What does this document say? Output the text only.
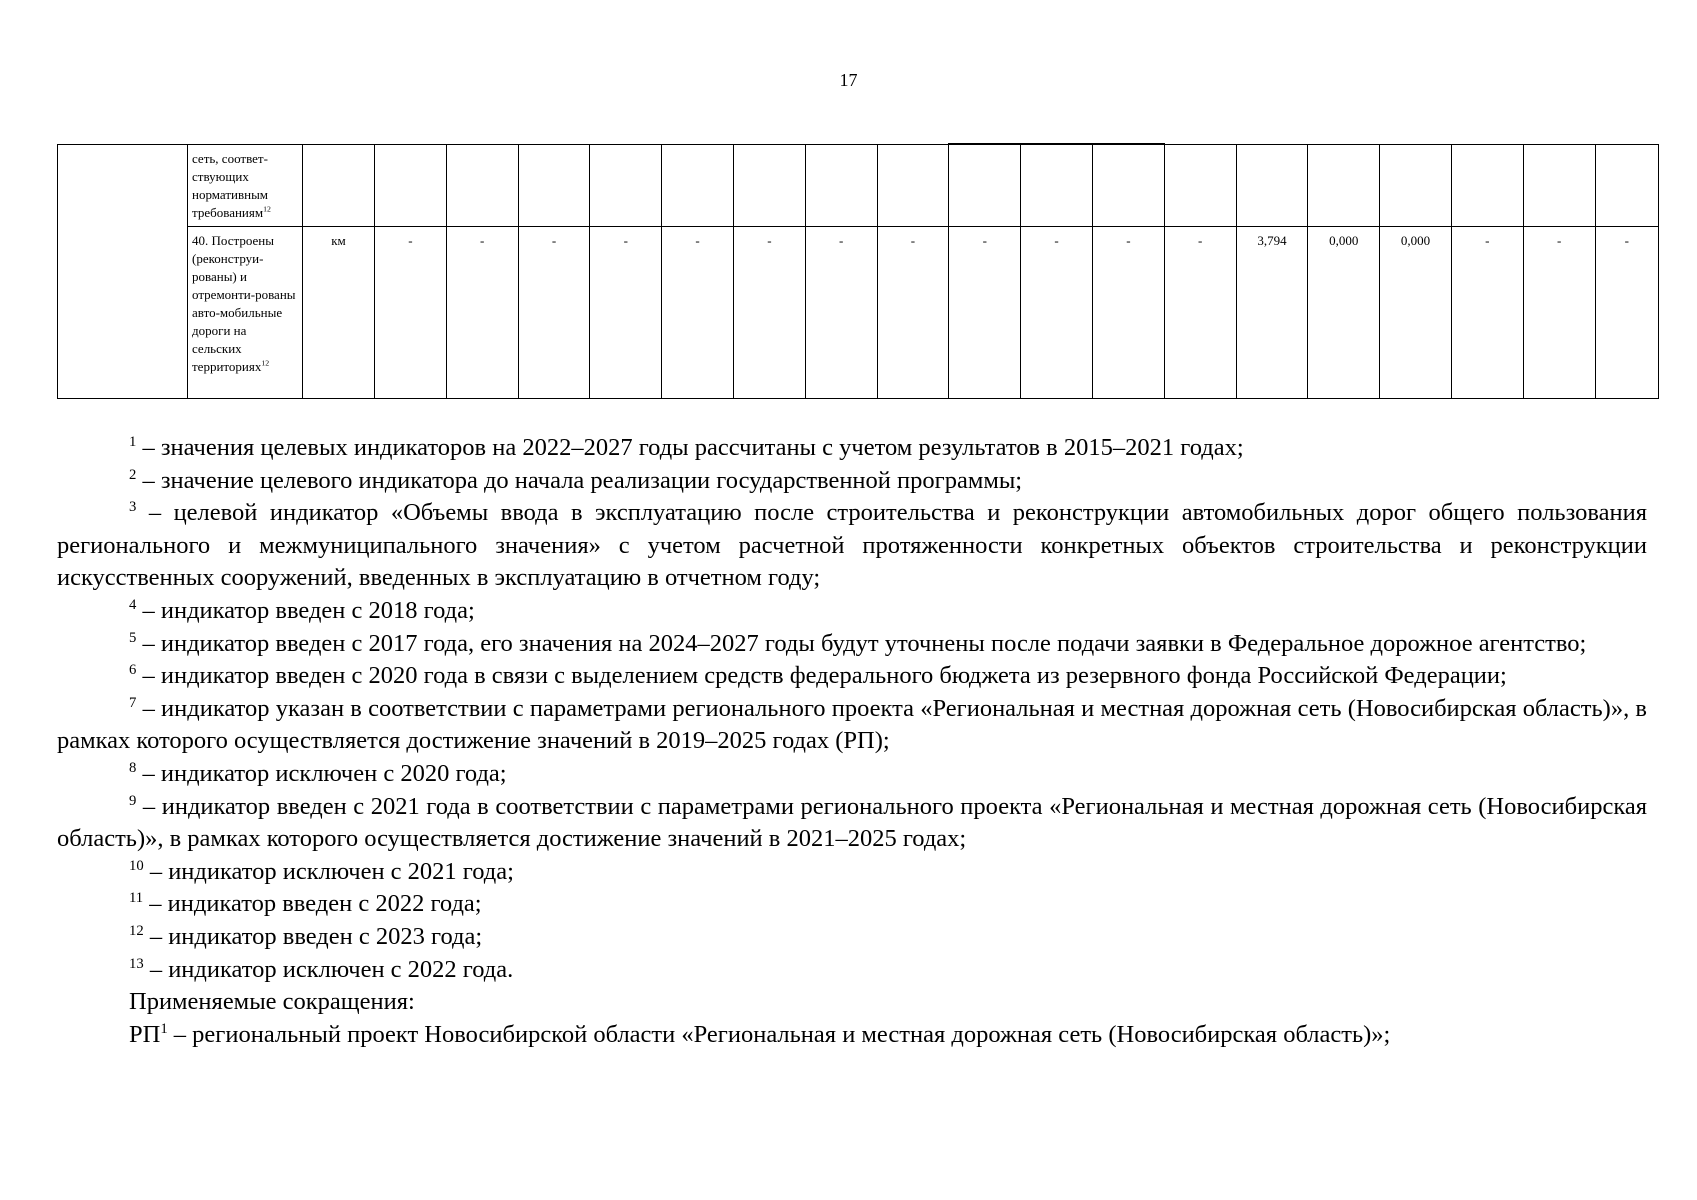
17
	сеть, соответ-ствующих нормативным требованиям$^{12}$																			
	40. Построены (реконструи-рованы) и отремонти-рованы авто-мобильные дороги на сельских территориях$^{12}$	км	-	-	-	-	-	-	-	-	-	-	-	-	3,794	0,000	0,000	-	-	-

$^1$ – значения целевых индикаторов на 2022–2027 годы рассчитаны с учетом результатов в 2015–2021 годах;

$^2$ – значение целевого индикатора до начала реализации государственной программы;

$^3$ – целевой индикатор «Объемы ввода в эксплуатацию после строительства и реконструкции автомобильных дорог общего пользования регионального и межмуниципального значения» с учетом расчетной протяженности конкретных объектов строительства и реконструкции искусственных сооружений, введенных в эксплуатацию в отчетном году;

$^4$ – индикатор введен с 2018 года;

$^5$ – индикатор введен с 2017 года, его значения на 2024–2027 годы будут уточнены после подачи заявки в Федеральное дорожное агентство;

$^6$ – индикатор введен с 2020 года в связи с выделением средств федерального бюджета из резервного фонда Российской Федерации;

$^7$ – индикатор указан в соответствии с параметрами регионального проекта «Региональная и местная дорожная сеть (Новосибирская область)», в рамках которого осуществляется достижение значений в 2019–2025 годах (РП);

$^8$ – индикатор исключен с 2020 года;

$^9$ – индикатор введен с 2021 года в соответствии с параметрами регионального проекта «Региональная и местная дорожная сеть (Новосибирская область)», в рамках которого осуществляется достижение значений в 2021–2025 годах;

$^{10}$ – индикатор исключен с 2021 года;

$^{11}$ – индикатор введен с 2022 года;

$^{12}$ – индикатор введен с 2023 года;

$^{13}$ – индикатор исключен с 2022 года.

Применяемые сокращения:

$РП^1$ – региональный проект Новосибирской области «Региональная и местная дорожная сеть (Новосибирская область)»;
